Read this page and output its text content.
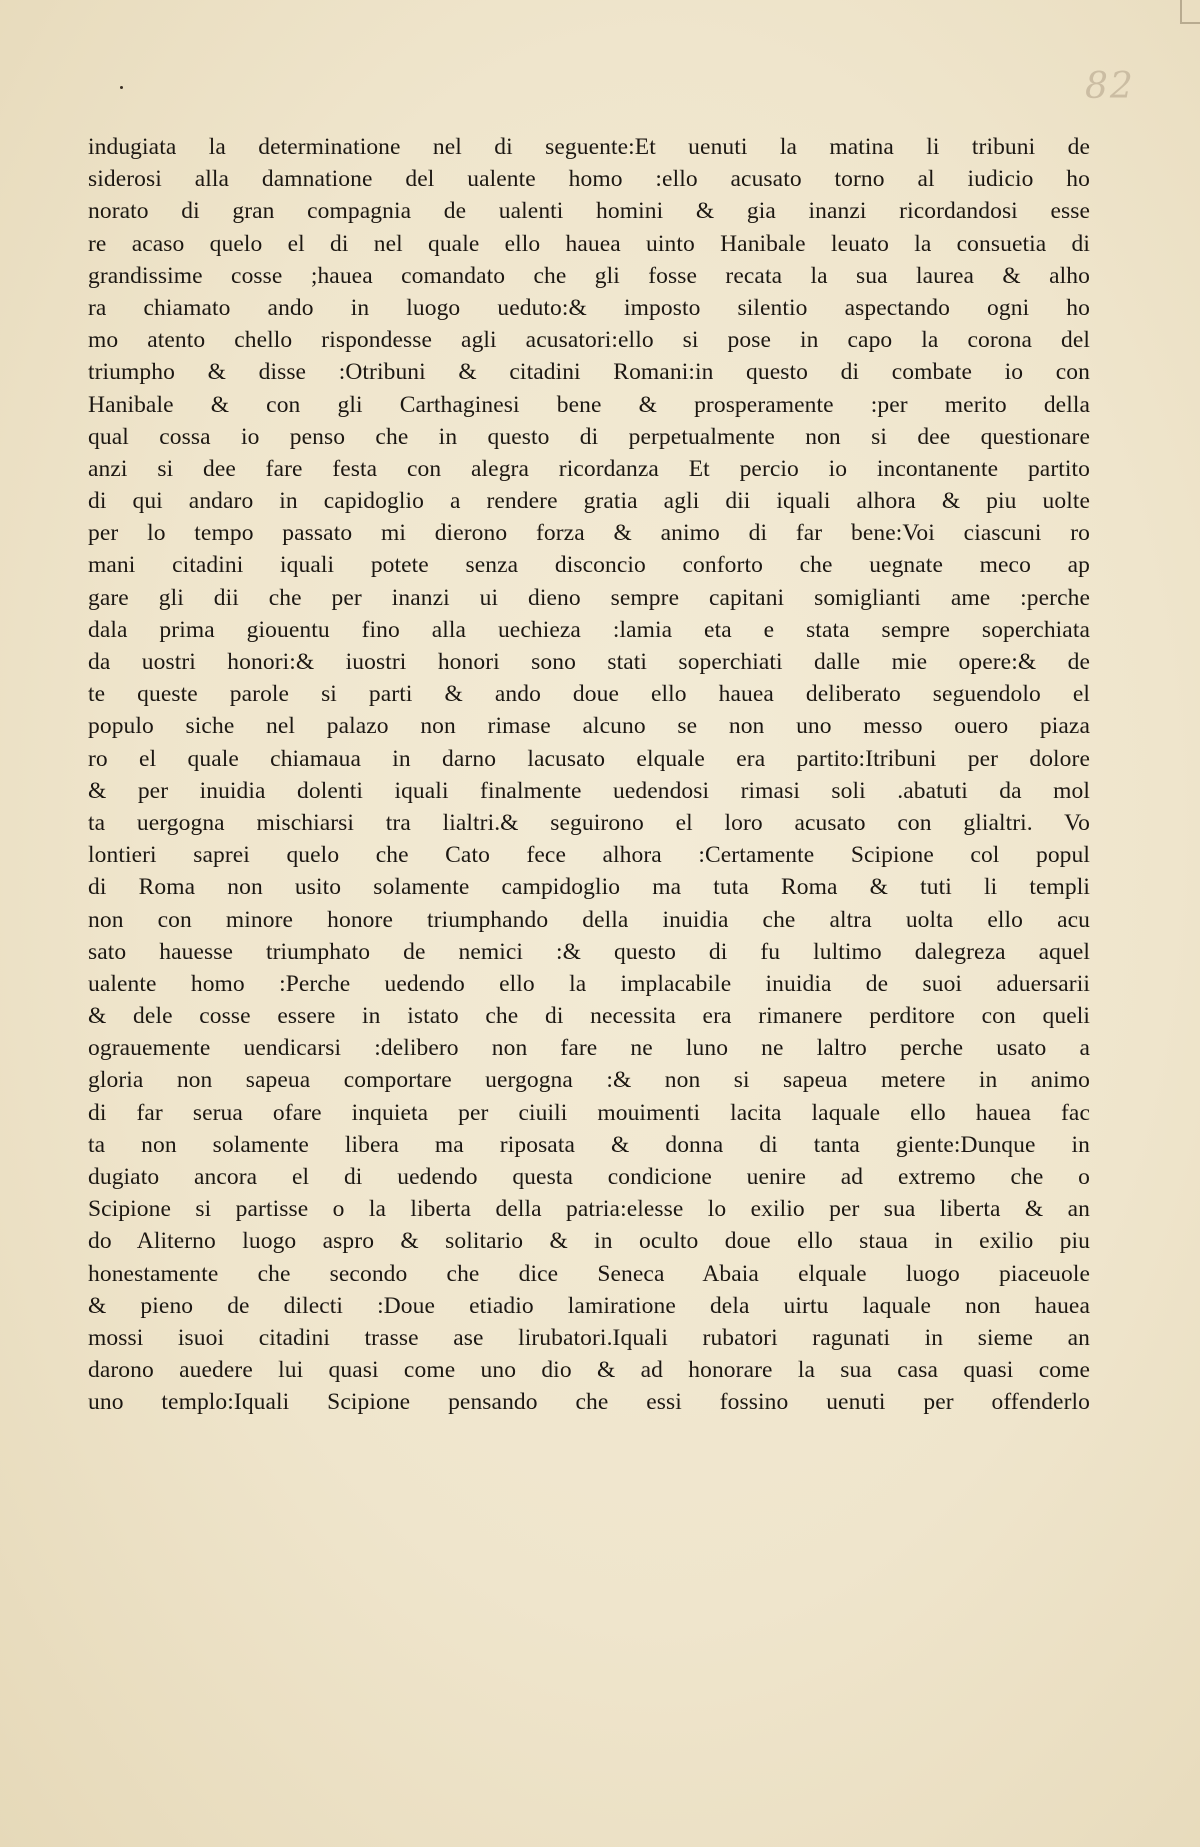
82
indugiata la determinatione nel di seguente:Et uenuti la matina li tribuni de
siderosi alla damnatione del ualente homo :ello acusato torno al iudicio ho
norato di gran compagnia de ualenti homini & gia inanzi ricordandosi esse
re acaso quelo el di nel quale ello hauea uinto Hanibale leuato la consuetia di
grandissime cosse ;hauea comandato che gli fosse recata la sua laurea & alho
ra chiamato ando in luogo ueduto:& imposto silentio aspectando ogni ho
mo atento chello rispondesse agli acusatori:ello si pose in capo la corona del
triumpho & disse :Otribuni & citadini Romani:in questo di combate io con
Hanibale & con gli Carthaginesi bene & prosperamente :per merito della
qual cossa io penso che in questo di perpetualmente non si dee questionare
anzi si dee fare festa con alegra ricordanza Et percio io incontanente partito
di qui andaro in capidoglio a rendere gratia agli dii iquali alhora & piu uolte
per lo tempo passato mi dierono forza & animo di far bene:Voi ciascuni ro
mani citadini iquali potete senza disconcio conforto che uegnate meco ap
gare gli dii che per inanzi ui dieno sempre capitani somiglianti ame :perche
dala prima giouentu fino alla uechieza :lamia eta e stata sempre soperchiata
da uostri honori:& iuostri honori sono stati soperchiati dalle mie opere:& de
te queste parole si parti & ando doue ello hauea deliberato seguendolo el
populo siche nel palazo non rimase alcuno se non uno messo ouero piaza
ro el quale chiamaua in darno lacusato elquale era partito:Itribuni per dolore
& per inuidia dolenti iquali finalmente uedendosi rimasi soli .abatuti da mol
ta uergogna mischiarsi tra lialtri.& seguirono el loro acusato con glialtri. Vo
lontieri saprei quelo che Cato fece alhora :Certamente Scipione col popul
di Roma non usito solamente campidoglio ma tuta Roma & tuti li templi
non con minore honore triumphando della inuidia che altra uolta ello acu
sato hauesse triumphato de nemici :& questo di fu lultimo dalegreza aquel
ualente homo :Perche uedendo ello la implacabile inuidia de suoi aduersarii
& dele cosse essere in istato che di necessita era rimanere perditore con queli
ograuemente uendicarsi :delibero non fare ne luno ne laltro perche usato a
gloria non sapeua comportare uergogna :& non si sapeua metere in animo
di far serua ofare inquieta per ciuili mouimenti lacita laquale ello hauea fac
ta non solamente libera ma riposata & donna di tanta giente:Dunque in
dugiato ancora el di uedendo questa condicione uenire ad extremo che o
Scipione si partisse o la liberta della patria:elesse lo exilio per sua liberta & an
do Aliterno luogo aspro & solitario & in oculto doue ello staua in exilio piu
honestamente che secondo che dice Seneca Abaia elquale luogo piaceuole
& pieno de dilecti :Doue etiadio lamiratione dela uirtu laquale non hauea
mossi isuoi citadini trasse ase lirubatori.Iquali rubatori ragunati in sieme an
darono auedere lui quasi come uno dio & ad honorare la sua casa quasi come
uno templo:Iquali Scipione pensando che essi fossino uenuti per offenderlo
